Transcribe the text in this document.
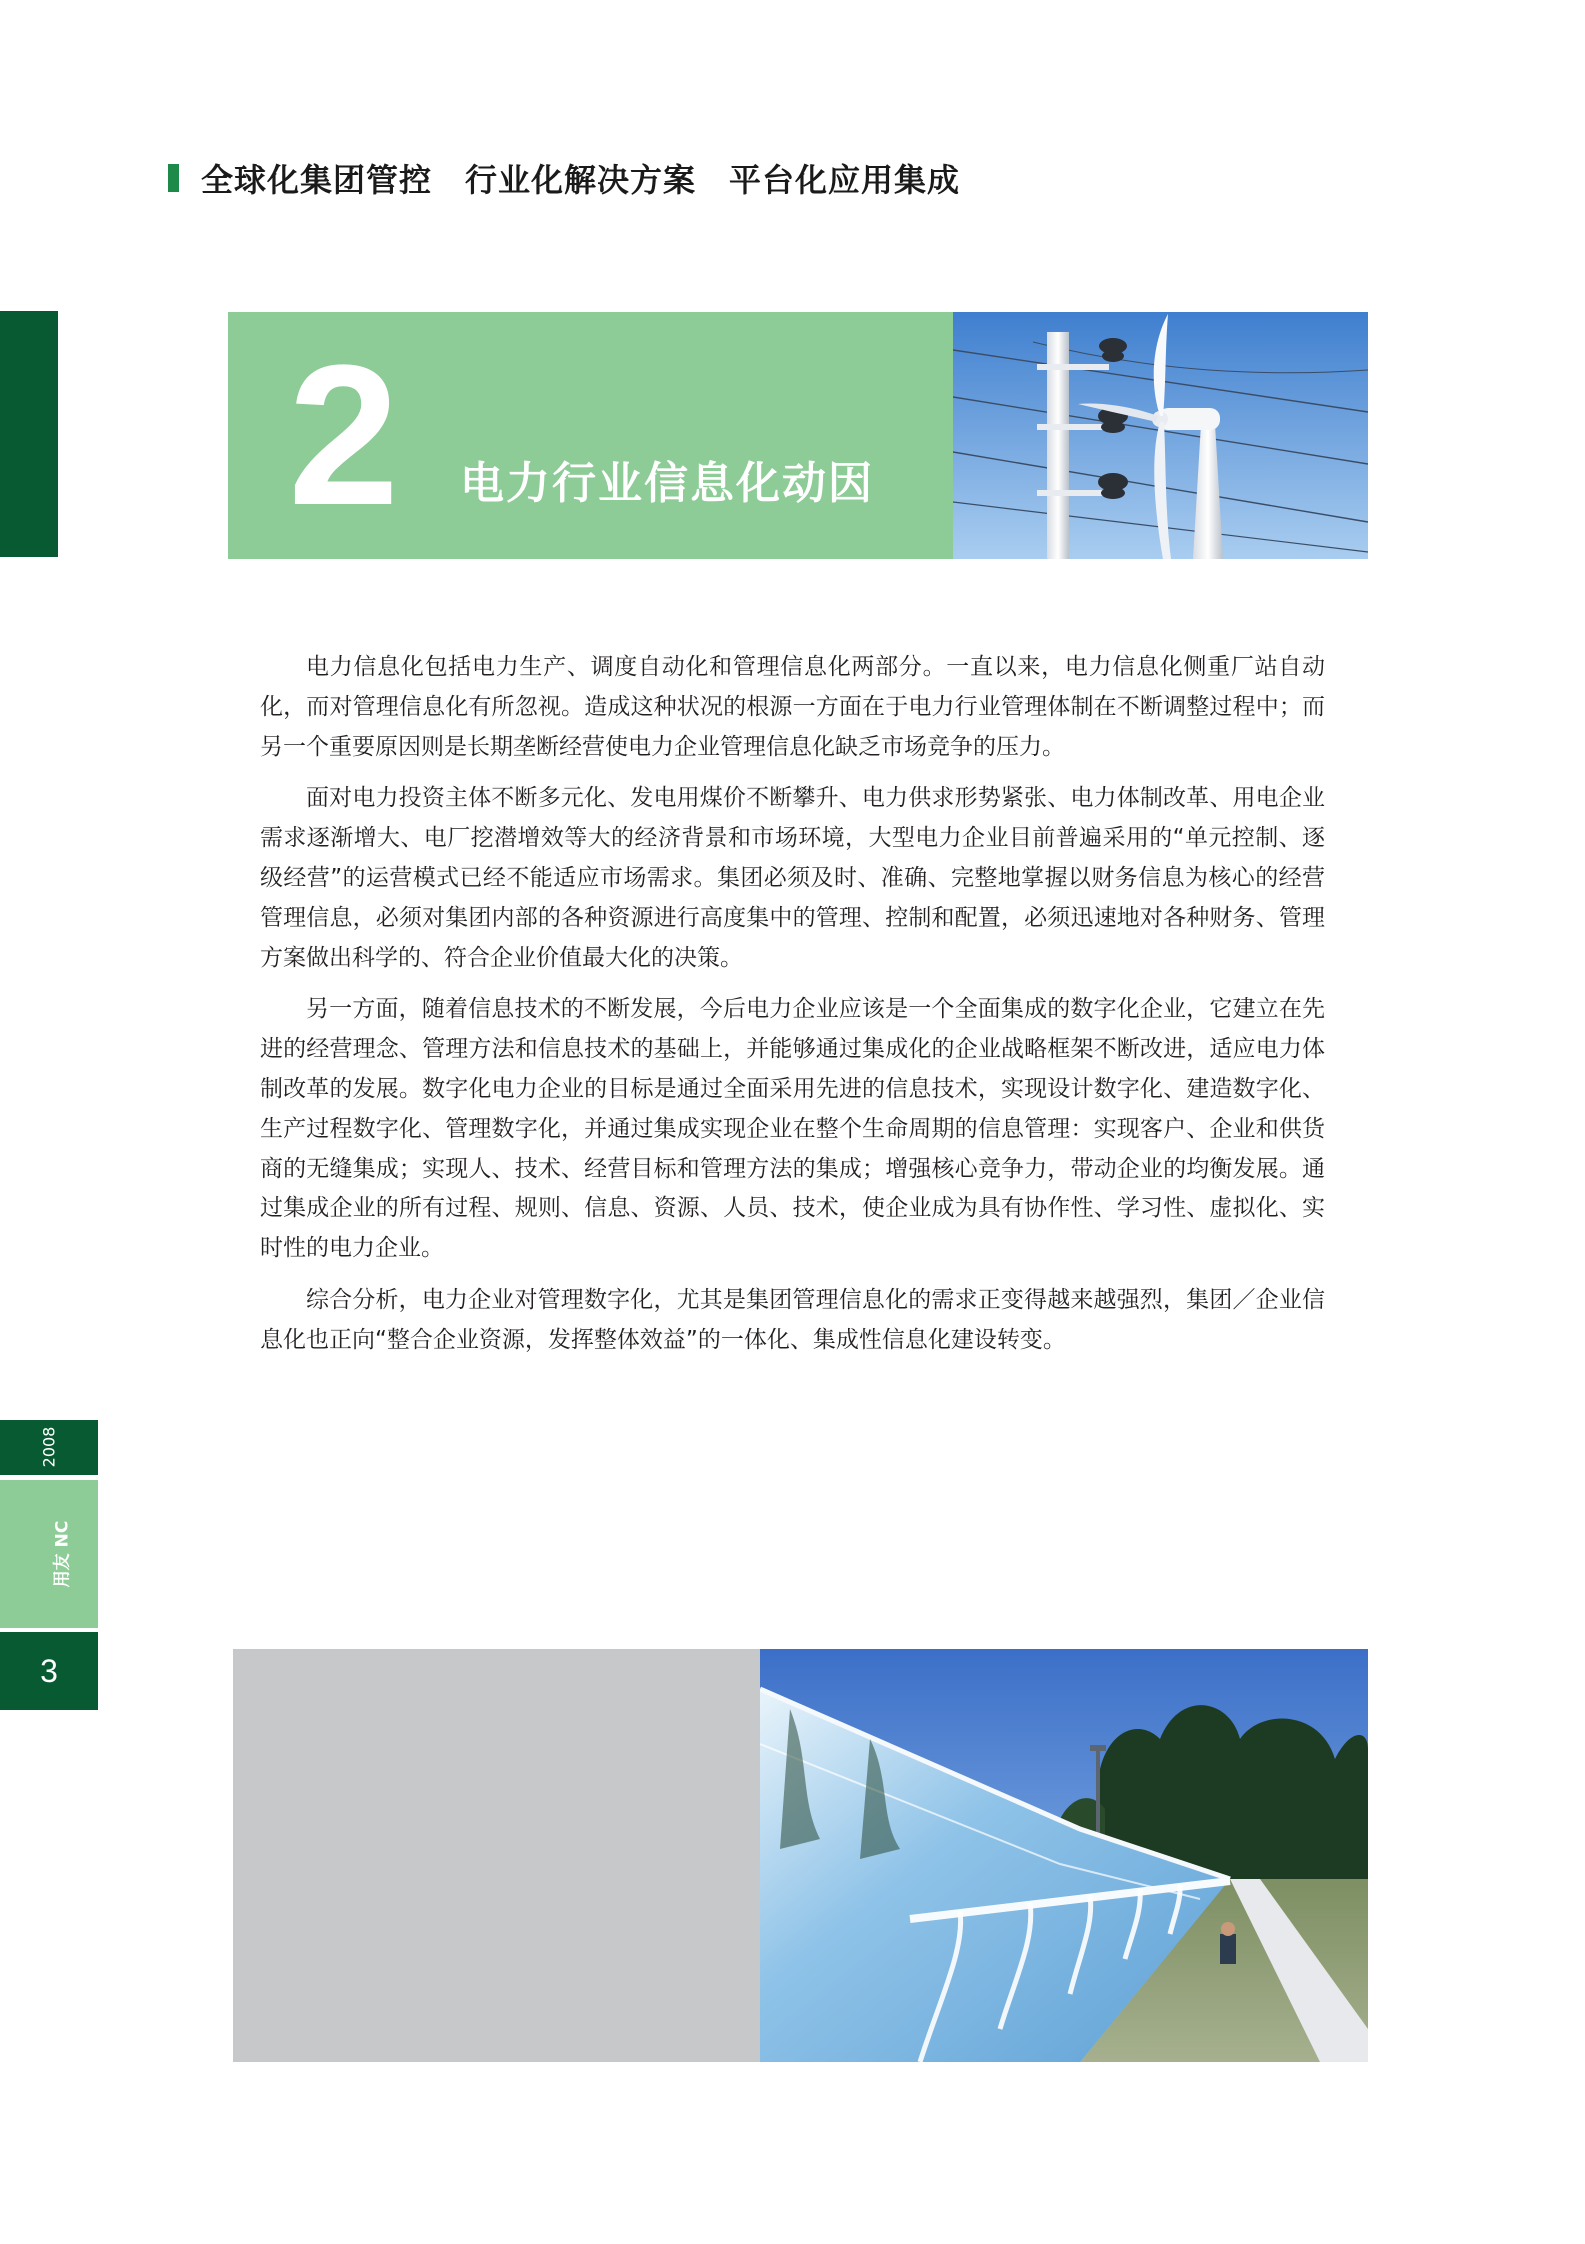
全球化集团管控　行业化解决方案　平台化应用集成
2 电力行业信息化动因

电力信息化包括电力生产、调度自动化和管理信息化两部分。一直以来，电力信息化侧重厂站自动化，而对管理信息化有所忽视。造成这种状况的根源一方面在于电力行业管理体制在不断调整过程中；而另一个重要原因则是长期垄断经营使电力企业管理信息化缺乏市场竞争的压力。

面对电力投资主体不断多元化、发电用煤价不断攀升、电力供求形势紧张、电力体制改革、用电企业需求逐渐增大、电厂挖潜增效等大的经济背景和市场环境，大型电力企业目前普遍采用的“单元控制、逐级经营”的运营模式已经不能适应市场需求。集团必须及时、准确、完整地掌握以财务信息为核心的经营管理信息，必须对集团内部的各种资源进行高度集中的管理、控制和配置，必须迅速地对各种财务、管理方案做出科学的、符合企业价值最大化的决策。

另一方面，随着信息技术的不断发展，今后电力企业应该是一个全面集成的数字化企业，它建立在先进的经营理念、管理方法和信息技术的基础上，并能够通过集成化的企业战略框架不断改进，适应电力体制改革的发展。数字化电力企业的目标是通过全面采用先进的信息技术，实现设计数字化、建造数字化、生产过程数字化、管理数字化，并通过集成实现企业在整个生命周期的信息管理：实现客户、企业和供货商的无缝集成；实现人、技术、经营目标和管理方法的集成；增强核心竞争力，带动企业的均衡发展。通过集成企业的所有过程、规则、信息、资源、人员、技术，使企业成为具有协作性、学习性、虚拟化、实时性的电力企业。

综合分析，电力企业对管理数字化，尤其是集团管理信息化的需求正变得越来越强烈，集团／企业信息化也正向“整合企业资源，发挥整体效益”的一体化、集成性信息化建设转变。

2008
用友 NC
3
